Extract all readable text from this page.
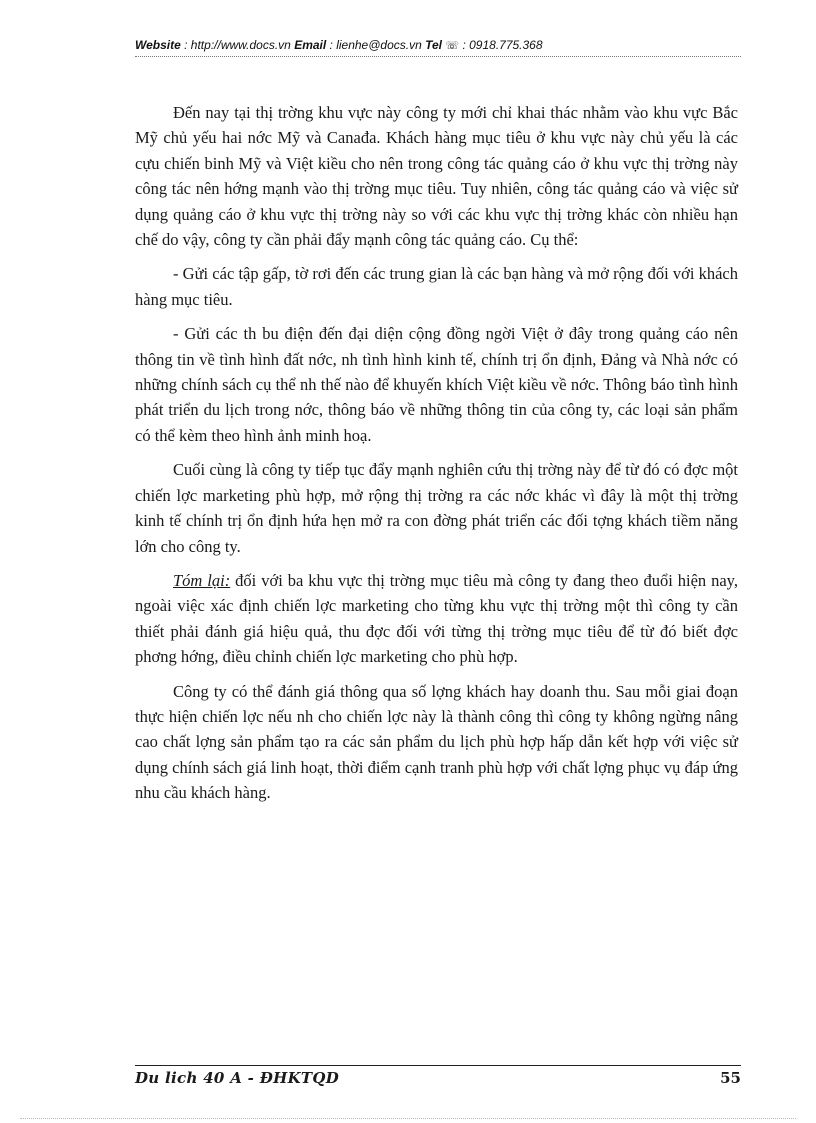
Website : http://www.docs.vn Email : lienhe@docs.vn Tel ☏ : 0918.775.368

Đến nay tại thị trờng khu vực này công ty mới chỉ khai thác nhằm vào khu vực Bắc Mỹ chủ yếu hai nớc Mỹ và Canađa. Khách hàng mục tiêu ở khu vực này chủ yếu là các cựu chiến binh Mỹ và Việt kiều cho nên trong công tác quảng cáo ở khu vực thị trờng này công tác nên hớng mạnh vào thị trờng mục tiêu. Tuy nhiên, công tác quảng cáo và việc sử dụng quảng cáo ở khu vực thị trờng này so với các khu vực thị trờng khác còn nhiều hạn chế do vậy, công ty cần phải đẩy mạnh công tác quảng cáo. Cụ thể:

- Gửi các tập gấp, tờ rơi đến các trung gian là các bạn hàng và mở rộng đối với khách hàng mục tiêu.

- Gửi các th bu điện đến đại diện cộng đồng ngời Việt ở đây trong quảng cáo nên thông tin về tình hình đất nớc, nh tình hình kinh tế, chính trị ổn định, Đảng và Nhà nớc có những chính sách cụ thể nh thế nào để khuyến khích Việt kiều về nớc. Thông báo tình hình phát triển du lịch trong nớc, thông báo về những thông tin của công ty, các loại sản phẩm có thể kèm theo hình ảnh minh hoạ.

Cuối cùng là công ty tiếp tục đẩy mạnh nghiên cứu thị trờng này để từ đó có đợc một chiến lợc marketing phù hợp, mở rộng thị trờng ra các nớc khác vì đây là một thị trờng kinh tế chính trị ổn định hứa hẹn mở ra con đờng phát triển các đối tợng khách tiềm năng lớn cho công ty.

Tóm lại: đối với ba khu vực thị trờng mục tiêu mà công ty đang theo đuổi hiện nay, ngoài việc xác định chiến lợc marketing cho từng khu vực thị trờng một thì công ty cần thiết phải đánh giá hiệu quả, thu đợc đối với từng thị trờng mục tiêu để từ đó biết đợc phơng hớng, điều chỉnh chiến lợc marketing cho phù hợp.

Công ty có thể đánh giá thông qua số lợng khách hay doanh thu. Sau mỗi giai đoạn thực hiện chiến lợc nếu nh cho chiến lợc này là thành công thì công ty không ngừng nâng cao chất lợng sản phẩm tạo ra các sản phẩm du lịch phù hợp hấp dẫn kết hợp với việc sử dụng chính sách giá linh hoạt, thời điểm cạnh tranh phù hợp với chất lợng phục vụ đáp ứng nhu cầu khách hàng.

Du lich 40 A - ĐHKTQD	55
